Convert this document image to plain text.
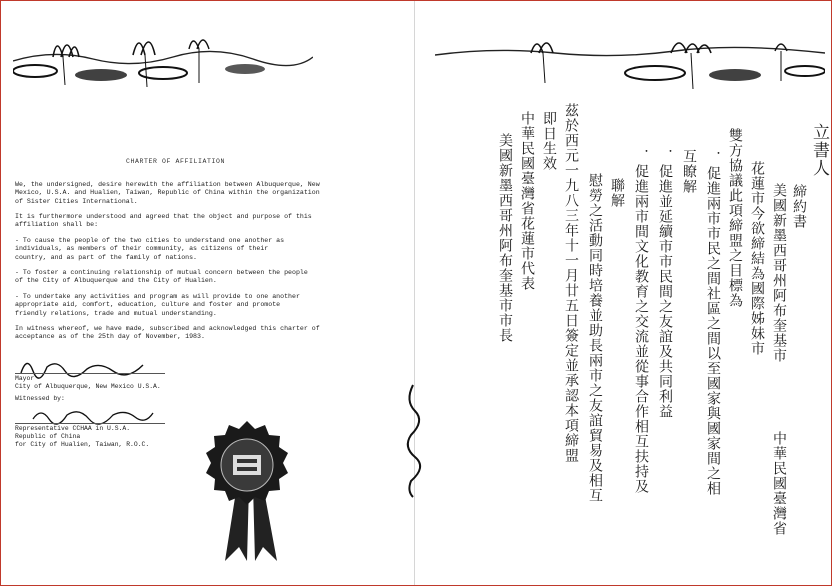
CHARTER OF AFFILIATION
We, the undersigned, desire herewith the affiliation between Albuquerque, New
Mexico, U.S.A. and Hualien, Taiwan, Republic of China within the organization
of Sister Cities International.
It is furthermore understood and agreed that the object and purpose of this
affiliation shall be:
- To cause the people of the two cities to understand one another as
individuals, as members of their community, as citizens of their
country, and as part of the family of nations.
- To foster a continuing relationship of mutual concern between the people
of the City of Albuquerque and the City of Hualien.
- To undertake any activities and program as will provide to one another
appropriate aid, comfort, education, culture and foster and promote
friendly relations, trade and mutual understanding.
In witness whereof, we have made, subscribed and acknowledged this charter of
acceptance as of the 25th day of November, 1983.
Mayor
City of Albuquerque, New Mexico U.S.A.
Witnessed by:
Representative CCHAA in U.S.A.
Republic of China
for City of Hualien, Taiwan, R.O.C.
立書人
締約書
美國新墨西哥州阿布奎基市
花蓮市今欲締結為國際姊妹市
雙方協議此項締盟之目標為
．促進兩市市民之間社區之間以至國家與國家間之相
互瞭解
．促進並延續市市民間之友誼及共同利益
．促進兩市間文化教育之交流並從事合作相互扶持及
聯解
慰勞之活動同時培養並助長兩市之友誼貿易及相互
茲於西元一九八三年十一月廿五日簽定並承認本項締盟
即日生效
中華民國臺灣省花蓮市代表
美國新墨西哥州阿布奎基市市長
中華民國臺灣省
